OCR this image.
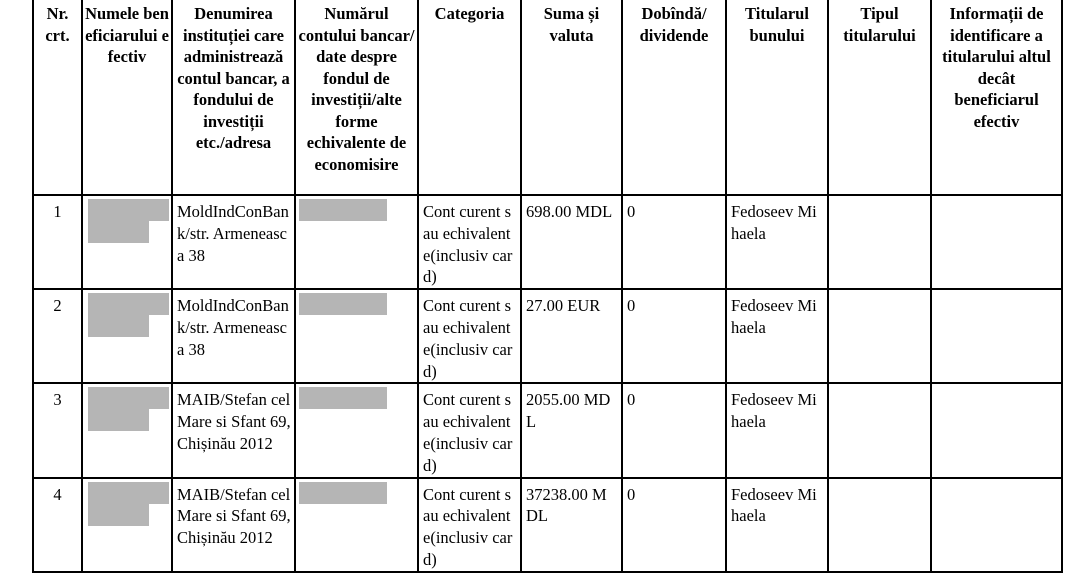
Nr. crt.	Numele beneficiarului efectiv	Denumirea instituției care administrează contul bancar, a fondului de investiții etc./adresa	Numărul contului bancar/ date despre fondul de investiții/alte forme echivalente de economisire	Categoria	Suma și valuta	Dobîndă/ dividende	Titularul bunului	Tipul titularului	Informații de identificare a titularului altul decât beneficiarul efectiv

1		MoldIndConBank/str. Armeneasca 38		Cont curent sau echivalente(inclusiv card)	698.00 MDL	0	Fedoseev Mihaela		

2		MoldIndConBank/str. Armeneasca 38		Cont curent sau echivalente(inclusiv card)	27.00 EUR	0	Fedoseev Mihaela		

3		MAIB/Stefan cel Mare si Sfant 69, Chișinău 2012		Cont curent sau echivalente(inclusiv card)	2055.00 MDL	0	Fedoseev Mihaela		

4		MAIB/Stefan cel Mare si Sfant 69, Chișinău 2012		Cont curent sau echivalente(inclusiv card)	37238.00 MDL	0	Fedoseev Mihaela		
